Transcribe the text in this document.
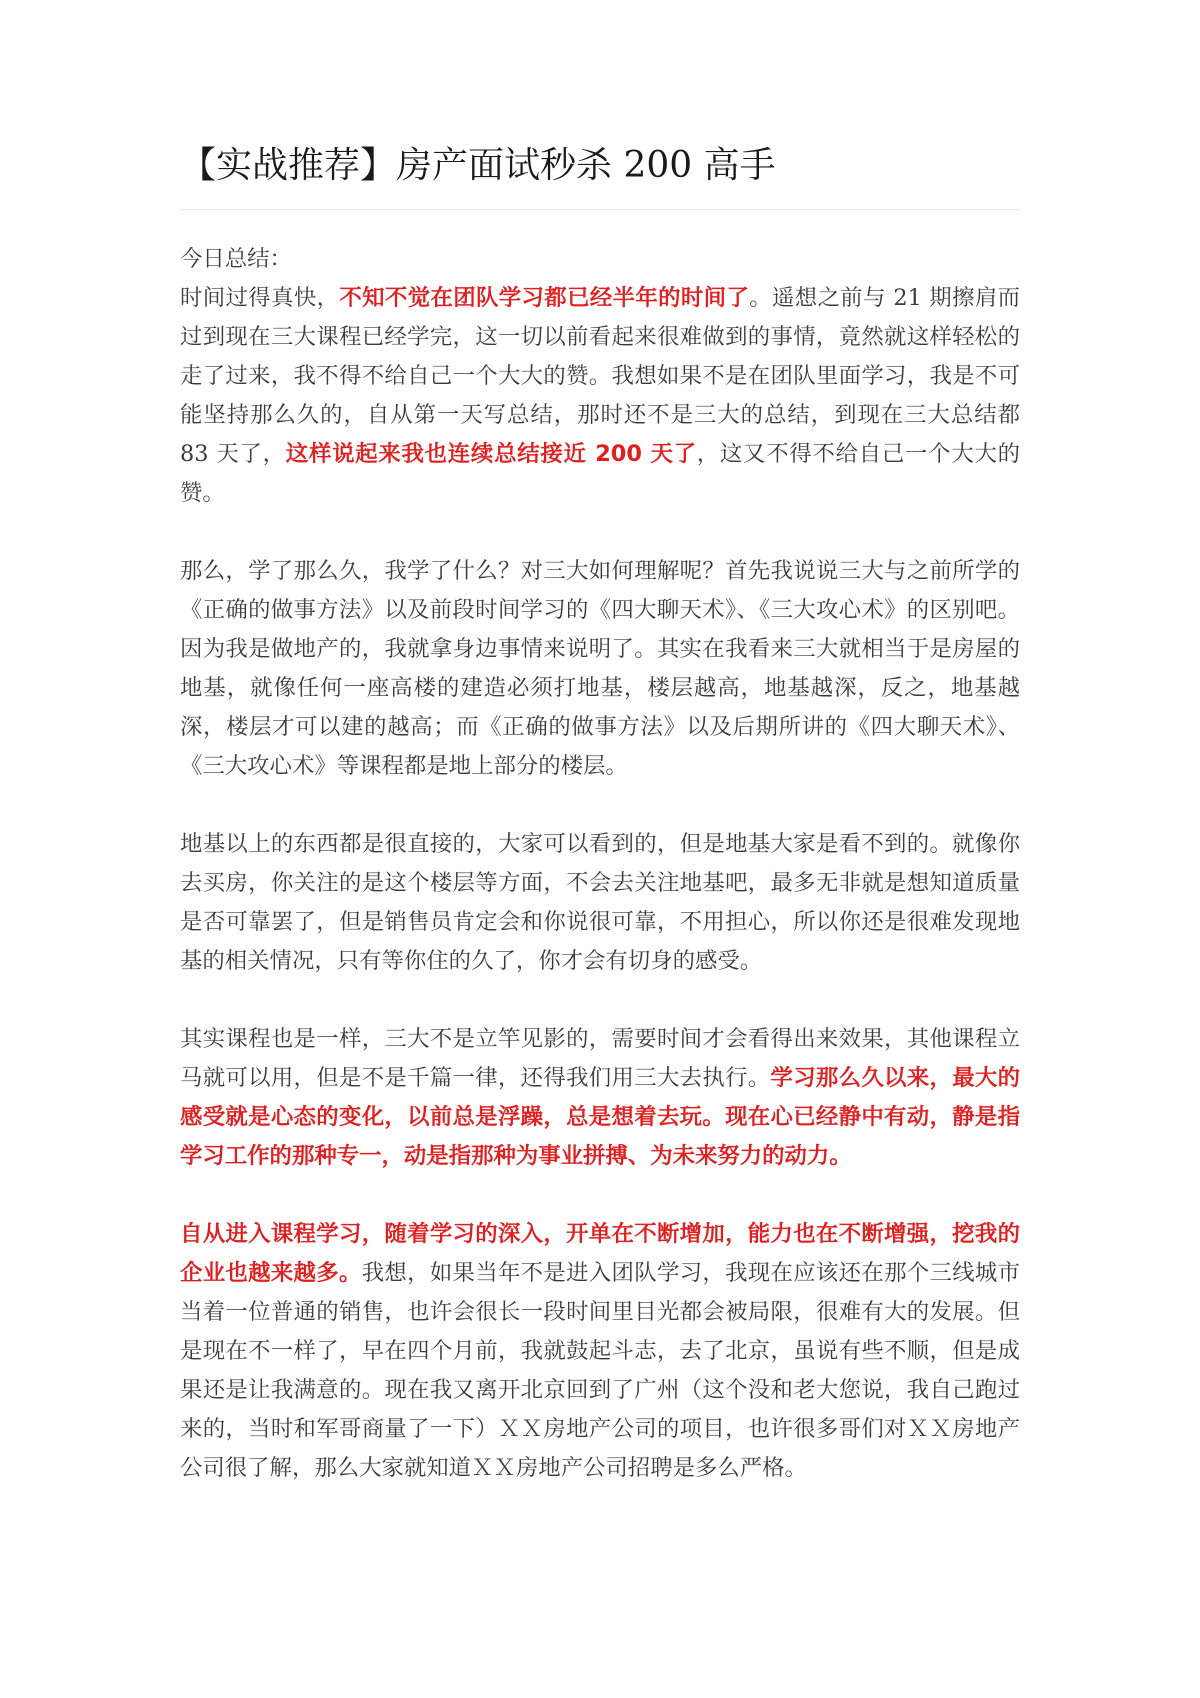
【实战推荐】房产面试秒杀 200 高手

今日总结：

时间过得真快，不知不觉在团队学习都已经半年的时间了。遥想之前与 21 期擦肩而过到现在三大课程已经学完，这一切以前看起来很难做到的事情，竟然就这样轻松的走了过来，我不得不给自己一个大大的赞。我想如果不是在团队里面学习，我是不可能坚持那么久的，自从第一天写总结，那时还不是三大的总结，到现在三大总结都 83 天了，这样说起来我也连续总结接近 200 天了，这又不得不给自己一个大大的赞。

那么，学了那么久，我学了什么？对三大如何理解呢？首先我说说三大与之前所学的《正确的做事方法》以及前段时间学习的《四大聊天术》、《三大攻心术》的区别吧。因为我是做地产的，我就拿身边事情来说明了。其实在我看来三大就相当于是房屋的地基，就像任何一座高楼的建造必须打地基，楼层越高，地基越深，反之，地基越深，楼层才可以建的越高；而《正确的做事方法》以及后期所讲的《四大聊天术》、《三大攻心术》等课程都是地上部分的楼层。

地基以上的东西都是很直接的，大家可以看到的，但是地基大家是看不到的。就像你去买房，你关注的是这个楼层等方面，不会去关注地基吧，最多无非就是想知道质量是否可靠罢了，但是销售员肯定会和你说很可靠，不用担心，所以你还是很难发现地基的相关情况，只有等你住的久了，你才会有切身的感受。

其实课程也是一样，三大不是立竿见影的，需要时间才会看得出来效果，其他课程立马就可以用，但是不是千篇一律，还得我们用三大去执行。学习那么久以来，最大的感受就是心态的变化，以前总是浮躁，总是想着去玩。现在心已经静中有动，静是指学习工作的那种专一，动是指那种为事业拼搏、为未来努力的动力。

自从进入课程学习，随着学习的深入，开单在不断增加，能力也在不断增强，挖我的企业也越来越多。我想，如果当年不是进入团队学习，我现在应该还在那个三线城市当着一位普通的销售，也许会很长一段时间里目光都会被局限，很难有大的发展。但是现在不一样了，早在四个月前，我就鼓起斗志，去了北京，虽说有些不顺，但是成果还是让我满意的。现在我又离开北京回到了广州（这个没和老大您说，我自己跑过来的，当时和军哥商量了一下）ＸＸ房地产公司的项目，也许很多哥们对ＸＸ房地产公司很了解，那么大家就知道ＸＸ房地产公司招聘是多么严格。
